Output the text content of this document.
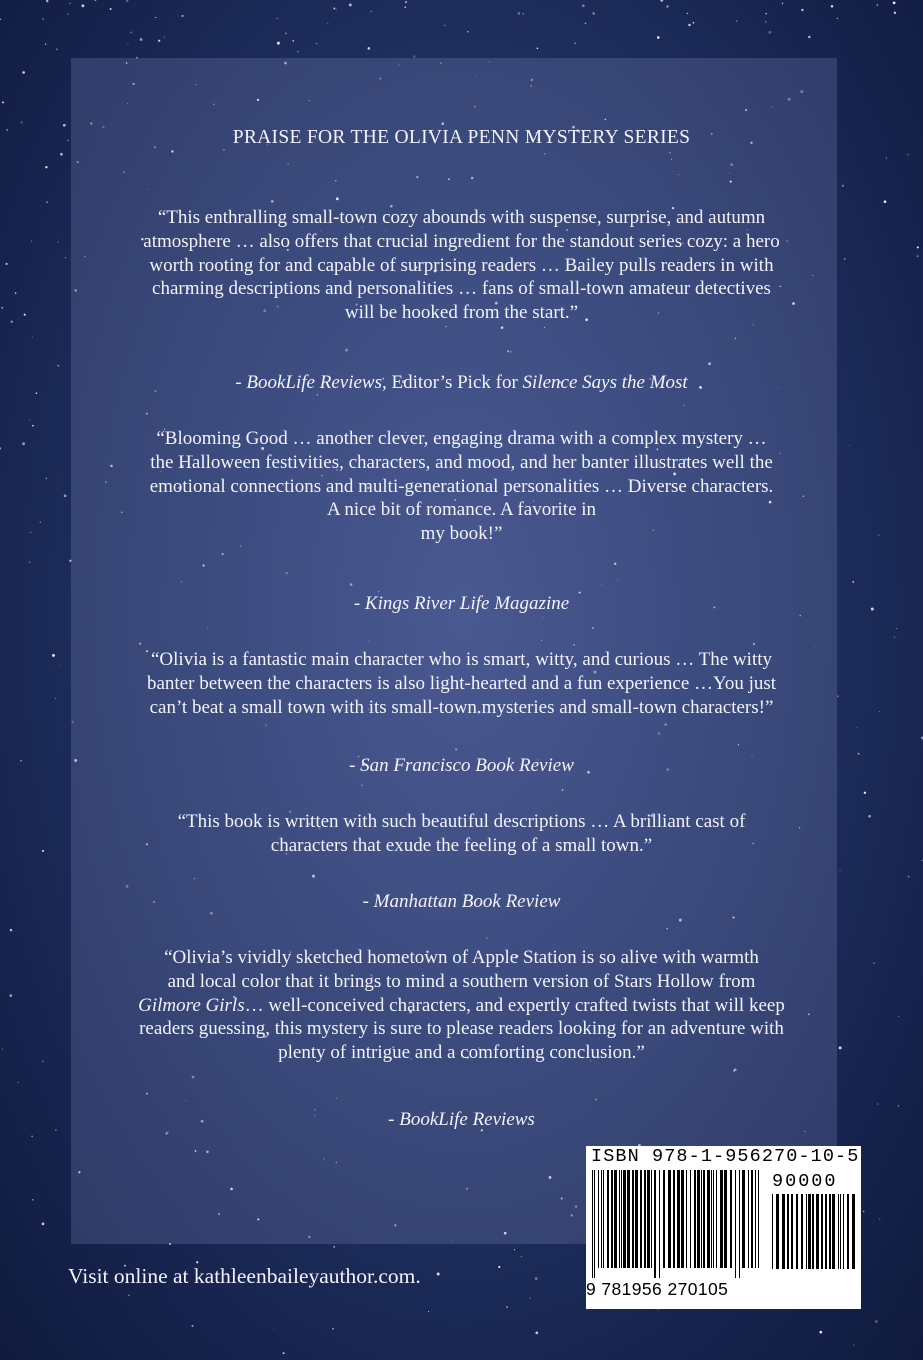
PRAISE FOR THE OLIVIA PENN MYSTERY SERIES
“This enthralling small-town cozy abounds with suspense, surprise, and autumn
atmosphere … also offers that crucial ingredient for the standout series cozy: a hero
worth rooting for and capable of surprising readers … Bailey pulls readers in with
charming descriptions and personalities … fans of small-town amateur detectives
will be hooked from the start.”
- BookLife Reviews, Editor’s Pick for Silence Says the Most
“Blooming Good … another clever, engaging drama with a complex mystery …
the Halloween festivities, characters, and mood, and her banter illustrates well the
emotional connections and multi-generational personalities … Diverse characters.
A nice bit of romance. A favorite in
my book!”
- Kings River Life Magazine
“Olivia is a fantastic main character who is smart, witty, and curious … The witty
banter between the characters is also light-hearted and a fun experience …You just
can’t beat a small town with its small-town mysteries and small-town characters!”
- San Francisco Book Review
“This book is written with such beautiful descriptions … A brilliant cast of
characters that exude the feeling of a small town.”
- Manhattan Book Review
“Olivia’s vividly sketched hometown of Apple Station is so alive with warmth
and local color that it brings to mind a southern version of Stars Hollow from
Gilmore Girls… well-conceived characters, and expertly crafted twists that will keep
readers guessing, this mystery is sure to please readers looking for an adventure with
plenty of intrigue and a comforting conclusion.”
- BookLife Reviews
Visit online at kathleenbaileyauthor.com.
ISBN 978-1-956270-10-5
90000
9 781956 270105
